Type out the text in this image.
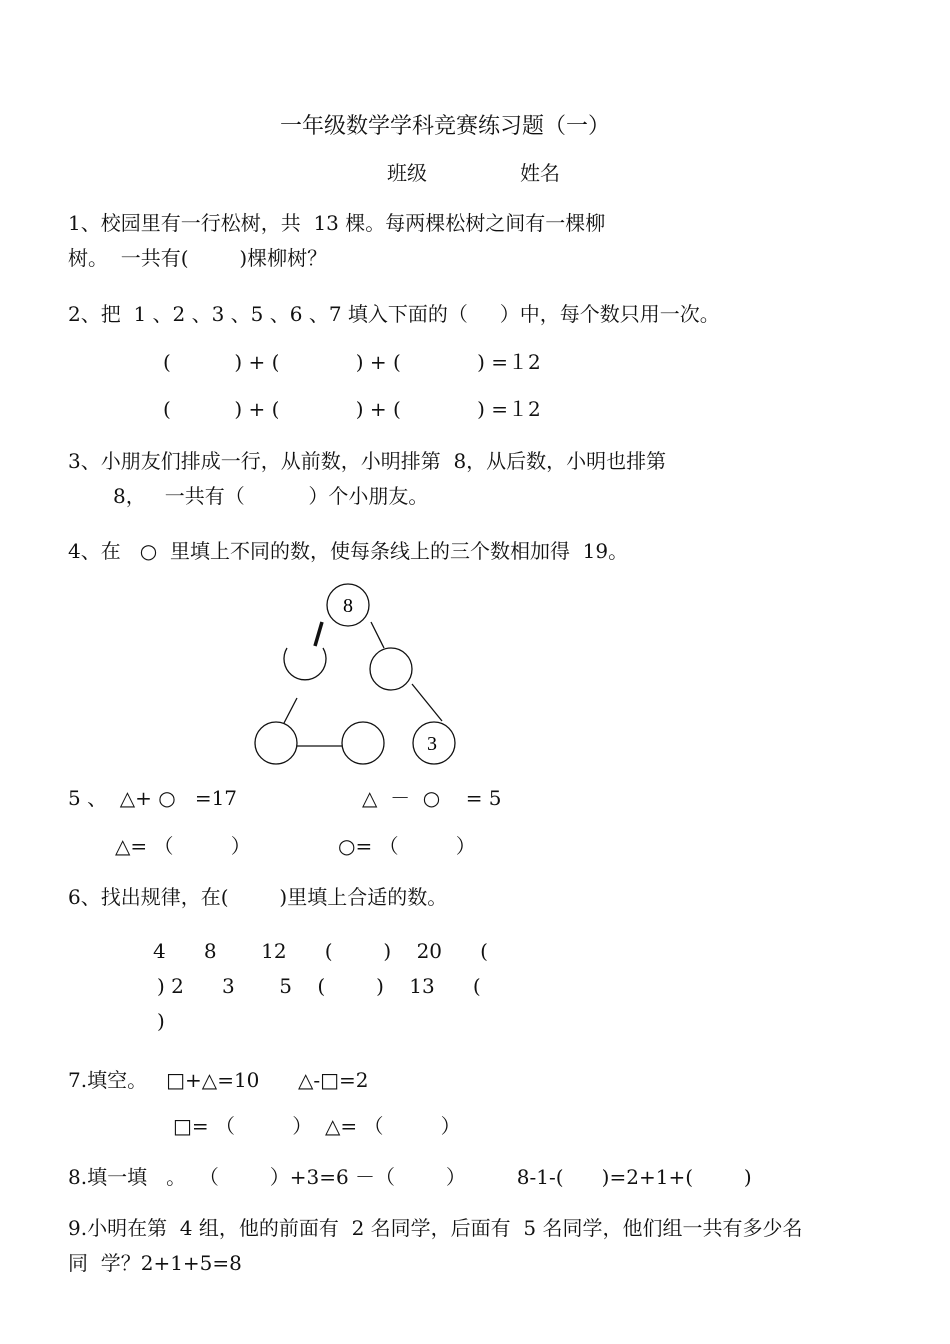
一年级数学学科竞赛练习题（一）
班级	姓名
1、校园里有一行松树，共  13 棵。每两棵松树之间有一棵柳
树。  一共有(        )棵柳树？
2、把  1 、2 、3 、5 、6 、7 填入下面的（     ）中，每个数只用一次。
(          ) + (            ) + (            ) =１2
(          ) + (            ) + (            ) =１2
3、小朋友们排成一行，从前数，小明排第  8，从后数，小明也排第
8，   一共有（          ）个小朋友。
4、在   ○  里填上不同的数，使每条线上的三个数相加得  19。
8
3
5 、  △+ ○   =17	△  －  ○    = 5
△= （         ）	○= （         ）
6、找出规律，在(        )里填上合适的数。
4      8       12      (        )    20      (
) 2      3       5    (        )    13      (
)
7.填空。   □+△=10 △-□=2
□= （         ）  △= （         ）
8.填一填   。  （        ）+3=6 －（        ）        8-1-(      )=2+1+(        )
9.小明在第  4 组，他的前面有  2 名同学，后面有  5 名同学，他们组一共有多少名
同  学？2+1+5=8
